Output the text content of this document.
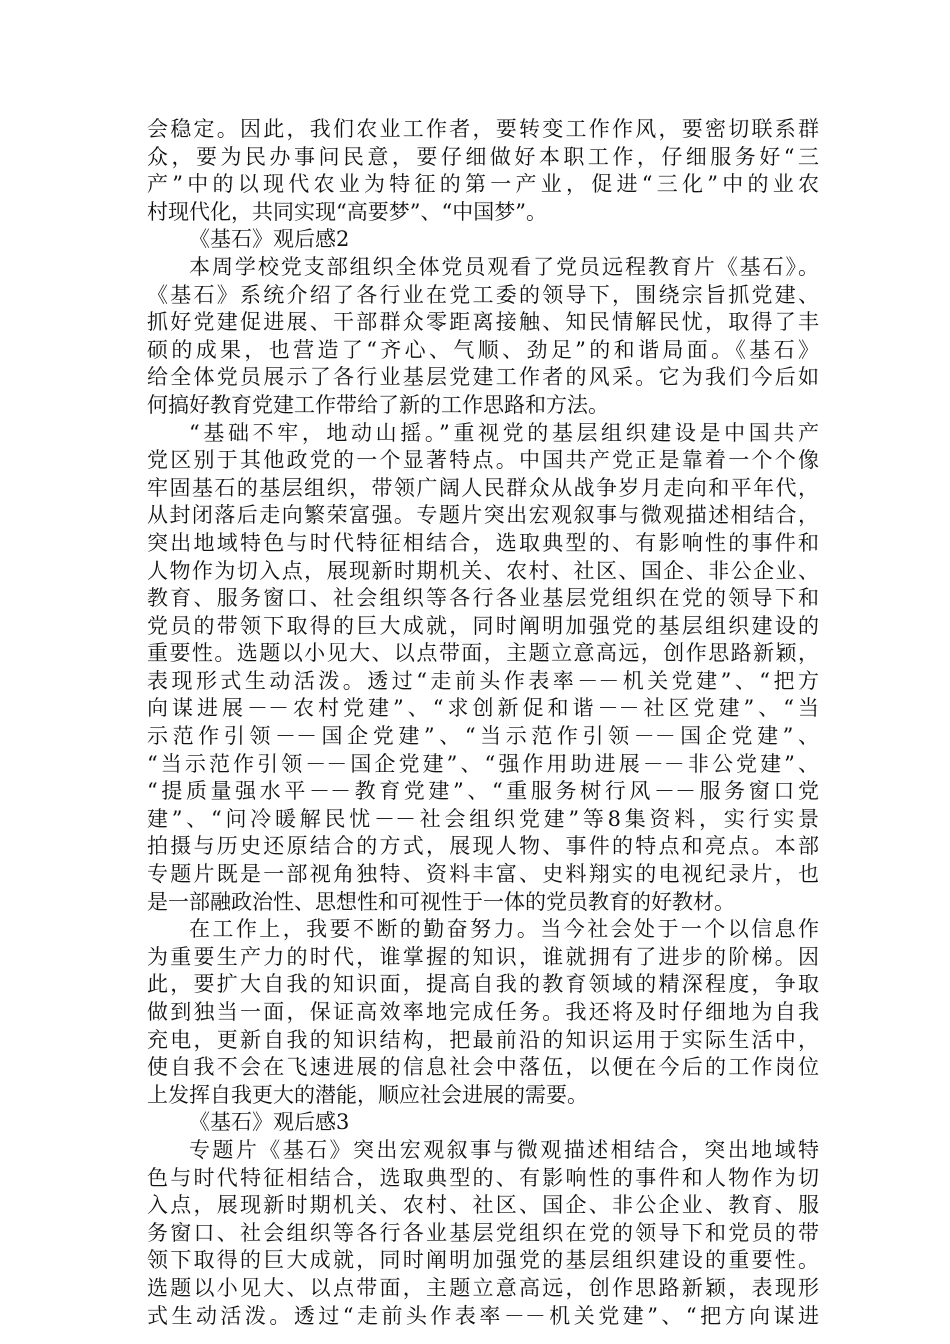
会稳定。因此，我们农业工作者，要转变工作作风，要密切联系群
众，要为民办事问民意，要仔细做好本职工作，仔细服务好“三
产”中的以现代农业为特征的第一产业，促进“三化”中的业农
村现代化，共同实现“高要梦”、“中国梦”。
《基石》观后感2
本周学校党支部组织全体党员观看了党员远程教育片《基石》。
《基石》系统介绍了各行业在党工委的领导下，围绕宗旨抓党建、
抓好党建促进展、干部群众零距离接触、知民情解民忧，取得了丰
硕的成果，也营造了“齐心、气顺、劲足”的和谐局面。《基石》
给全体党员展示了各行业基层党建工作者的风采。它为我们今后如
何搞好教育党建工作带给了新的工作思路和方法。
“基础不牢，地动山摇。”重视党的基层组织建设是中国共产
党区别于其他政党的一个显著特点。中国共产党正是靠着一个个像
牢固基石的基层组织，带领广阔人民群众从战争岁月走向和平年代，
从封闭落后走向繁荣富强。专题片突出宏观叙事与微观描述相结合，
突出地域特色与时代特征相结合，选取典型的、有影响性的事件和
人物作为切入点，展现新时期机关、农村、社区、国企、非公企业、
教育、服务窗口、社会组织等各行各业基层党组织在党的领导下和
党员的带领下取得的巨大成就，同时阐明加强党的基层组织建设的
重要性。选题以小见大、以点带面，主题立意高远，创作思路新颖，
表现形式生动活泼。透过“走前头作表率－－机关党建”、“把方
向谋进展－－农村党建”、“求创新促和谐－－社区党建”、“当
示范作引领－－国企党建”、“当示范作引领－－国企党建”、
“当示范作引领－－国企党建”、“强作用助进展－－非公党建”、
“提质量强水平－－教育党建”、“重服务树行风－－服务窗口党
建”、“问冷暖解民忧－－社会组织党建”等8集资料，实行实景
拍摄与历史还原结合的方式，展现人物、事件的特点和亮点。本部
专题片既是一部视角独特、资料丰富、史料翔实的电视纪录片，也
是一部融政治性、思想性和可视性于一体的党员教育的好教材。
在工作上，我要不断的勤奋努力。当今社会处于一个以信息作
为重要生产力的时代，谁掌握的知识，谁就拥有了进步的阶梯。因
此，要扩大自我的知识面，提高自我的教育领域的精深程度，争取
做到独当一面，保证高效率地完成任务。我还将及时仔细地为自我
充电，更新自我的知识结构，把最前沿的知识运用于实际生活中，
使自我不会在飞速进展的信息社会中落伍，以便在今后的工作岗位
上发挥自我更大的潜能，顺应社会进展的需要。
《基石》观后感3
专题片《基石》突出宏观叙事与微观描述相结合，突出地域特
色与时代特征相结合，选取典型的、有影响性的事件和人物作为切
入点，展现新时期机关、农村、社区、国企、非公企业、教育、服
务窗口、社会组织等各行各业基层党组织在党的领导下和党员的带
领下取得的巨大成就，同时阐明加强党的基层组织建设的重要性。
选题以小见大、以点带面，主题立意高远，创作思路新颖，表现形
式生动活泼。透过“走前头作表率－－机关党建”、“把方向谋进
